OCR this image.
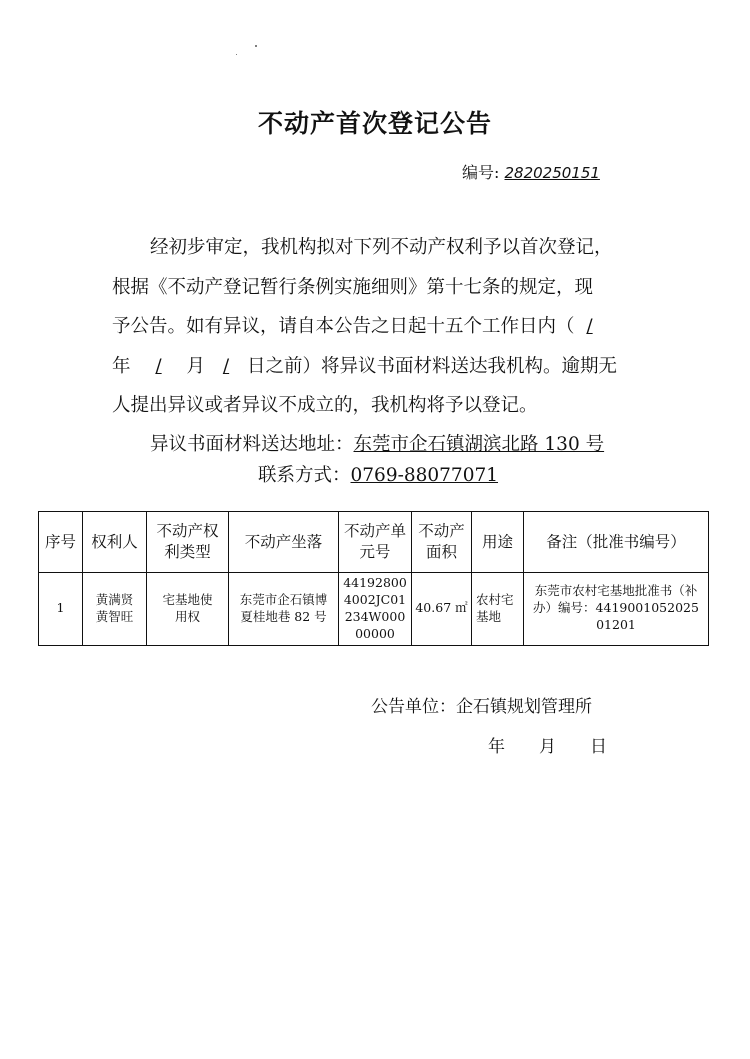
不动产首次登记公告
编号: 2820250151
经初步审定，我机构拟对下列不动产权利予以首次登记，
根据《不动产登记暂行条例实施细则》第十七条的规定，现
予公告。如有异议，请自本公告之日起十五个工作日内（ /
年 / 月 / 日之前）将异议书面材料送达我机构。逾期无
人提出异议或者异议不成立的，我机构将予以登记。
异议书面材料送达地址：东莞市企石镇湖滨北路 130 号
联系方式：0769-88077071
序号	权利人	不动产权利类型	不动产坐落	不动产单元号	不动产面积	用途	备注（批准书编号）
1	黄满贤 黄智旺	宅基地使用权	东莞市企石镇博夏桂地巷 82 号	441928004002JC01234W00000000	40.67 ㎡	农村宅基地	东莞市农村宅基地批准书（补办）编号：441900105202501201
公告单位：企石镇规划管理所
年　　月　　日
